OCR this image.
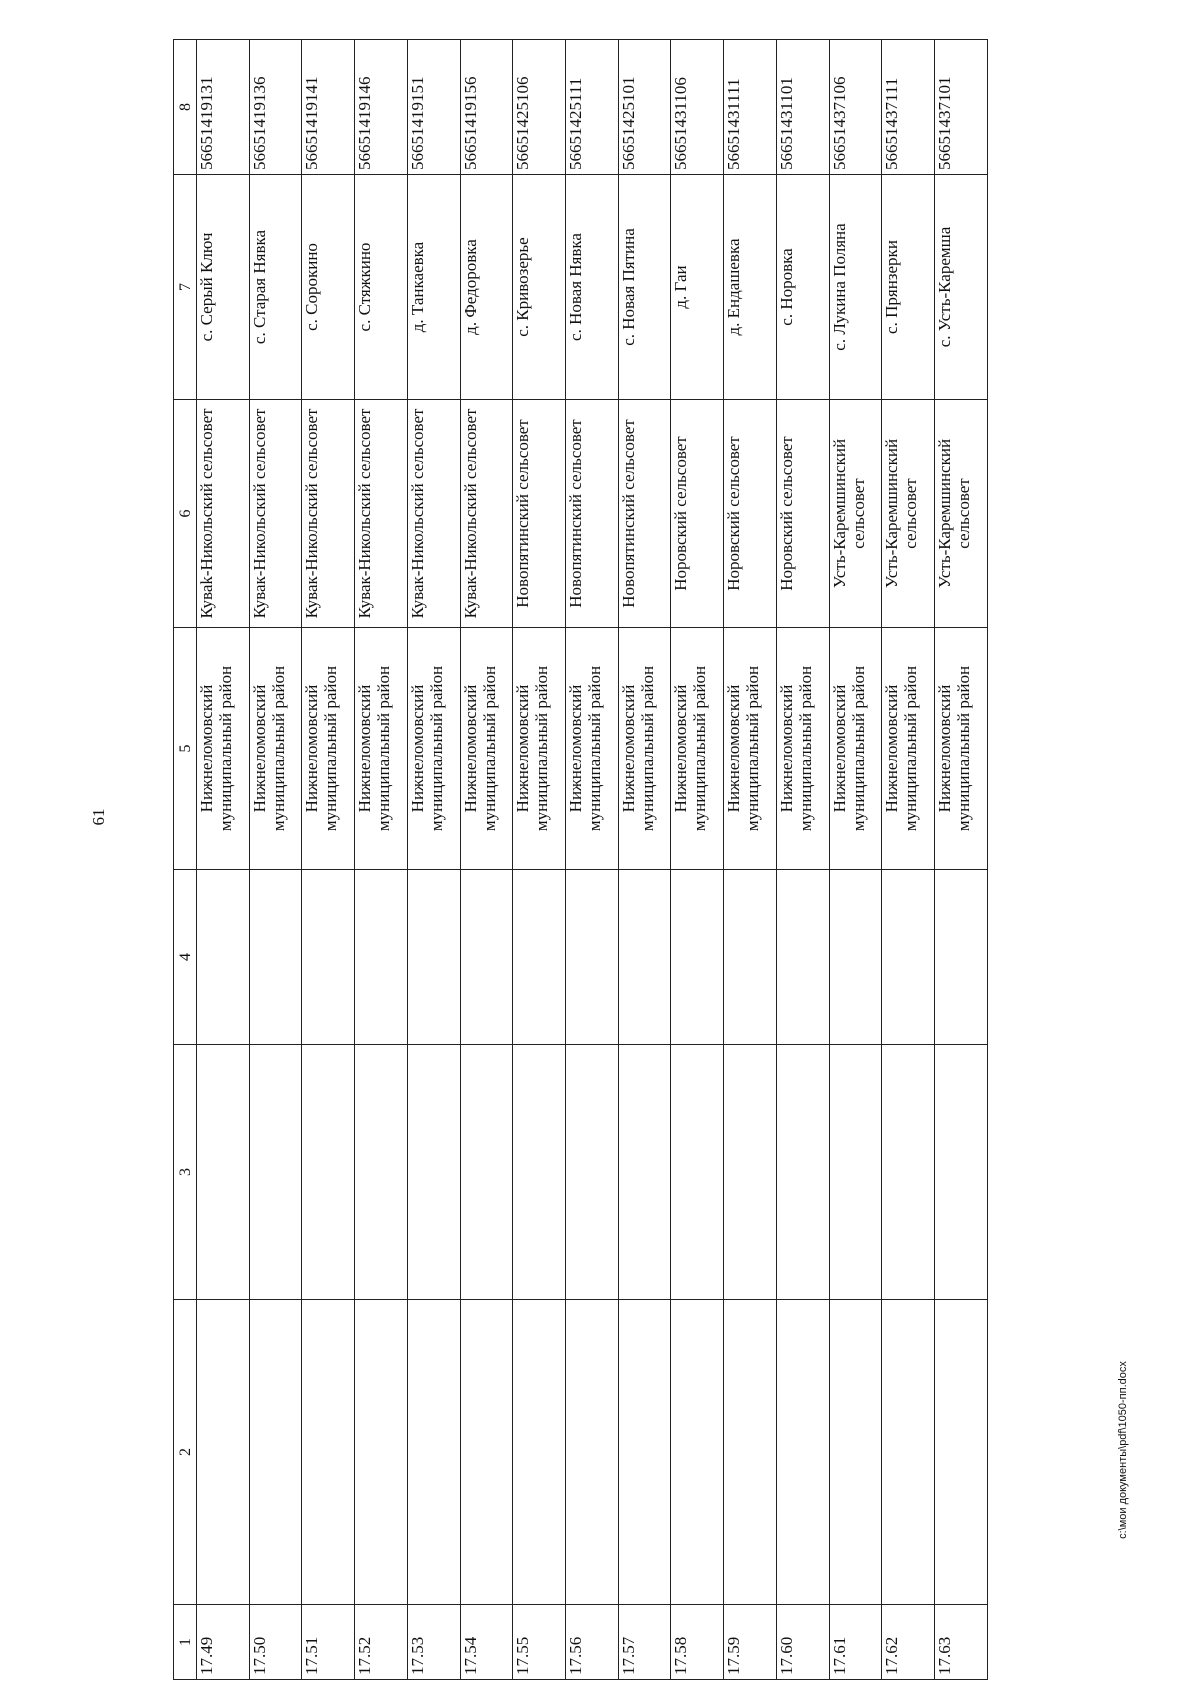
61
1	2	3	4	5	6	7	8
17.49				Нижнеломовский муниципальный район	Куваk-Никольский сельсовет	с. Серый Ключ	56651419131
17.50				Нижнеломовский муниципальный район	Кувак-Никольский сельсовет	с. Старая Нявка	56651419136
17.51				Нижнеломовский муниципальный район	Кувак-Никольский сельсовет	с. Сорокино	56651419141
17.52				Нижнеломовский муниципальный район	Кувак-Никольский сельсовет	с. Стяжкино	56651419146
17.53				Нижнеломовский муниципальный район	Кувак-Никольский сельсовет	д. Танкаевка	56651419151
17.54				Нижнеломовский муниципальный район	Кувак-Никольский сельсовет	д. Федоровка	56651419156
17.55				Нижнеломовский муниципальный район	Новопятинский сельсовет	с. Кривозерье	56651425106
17.56				Нижнеломовский муниципальный район	Новопятинский сельсовет	с. Новая Нявка	56651425111
17.57				Нижнеломовский муниципальный район	Новопятинский сельсовет	с. Новая Пятина	56651425101
17.58				Нижнеломовский муниципальный район	Норовский сельсовет	д. Гаи	56651431106
17.59				Нижнеломовский муниципальный район	Норовский сельсовет	д. Ендашевка	56651431111
17.60				Нижнеломовский муниципальный район	Норовский сельсовет	с. Норовка	56651431101
17.61				Нижнеломовский муниципальный район	Усть-Каремшинский сельсовет	с. Лукина Поляна	56651437106
17.62				Нижнеломовский муниципальный район	Усть-Каремшинский сельсовет	с. Прянзерки	56651437111
17.63				Нижнеломовский муниципальный район	Усть-Каремшинский сельсовет	с. Усть-Каремша	56651437101
c:\мои документы\pdf\1050-пп.docx
